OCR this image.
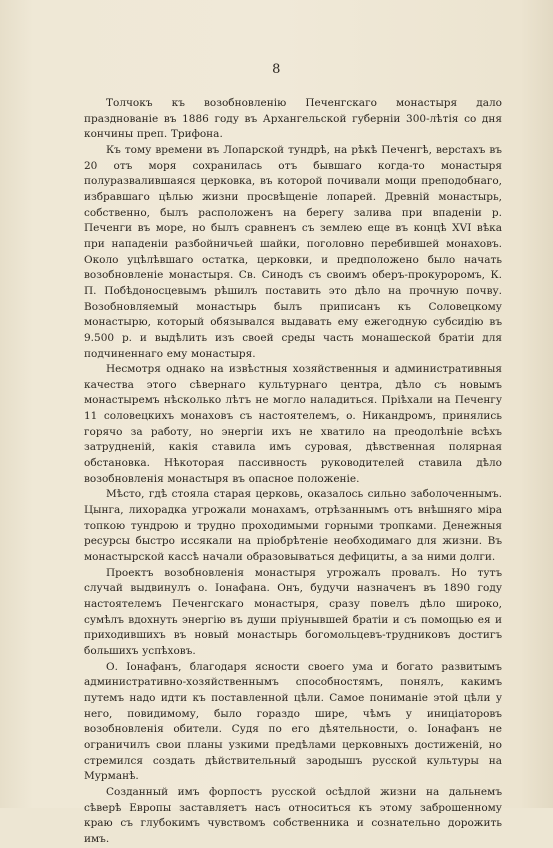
8

Толчокъ къ возобновленію Печенгскаго монастыря дало празднованіе въ 1886 году въ Архангельской губерніи 300-лѣтія со дня кончины преп. Трифона.

Къ тому времени въ Лопарской тундрѣ, на рѣкѣ Печенгѣ, верстахъ въ 20 отъ моря сохранилась отъ бывшаго когда-то монастыря полуразвалившаяся церковка, въ которой почивали мощи преподобнаго, избравшаго цѣлью жизни просвѣщеніе лопарей. Древній монастырь, собственно, былъ расположенъ на берегу залива при впаденіи р. Печенги въ море, но былъ сравненъ съ землею еще въ концѣ XVI вѣка при нападеніи разбойничьей шайки, поголовно перебившей монаховъ. Около уцѣлѣвшаго остатка, церковки, и предположено было начать возобновленіе монастыря. Св. Синодъ съ своимъ оберъ-прокуроромъ, К. П. Побѣдоносцевымъ рѣшилъ поставить это дѣло на прочную почву. Возобновляемый монастырь былъ приписанъ къ Соловецкому монастырю, который обязывался выдавать ему ежегодную субсидію въ 9.500 р. и выдѣлить изъ своей среды часть монашеской братіи для подчиненнаго ему монастыря.

Несмотря однако на извѣстныя хозяйственныя и административныя качества этого сѣвернаго культурнаго центра, дѣло съ новымъ монастыремъ нѣсколько лѣтъ не могло наладиться. Пріѣхали на Печенгу 11 соловецкихъ монаховъ съ настоятелемъ, о. Никандромъ, принялись горячо за работу, но энергіи ихъ не хватило на преодолѣніе всѣхъ затрудненій, какія ставила имъ суровая, дѣвственная полярная обстановка. Нѣкоторая пассивность руководителей ставила дѣло возобновленія монастыря въ опасное положеніе.

Мѣсто, гдѣ стояла старая церковь, оказалось сильно заболоченнымъ. Цынга, лихорадка угрожали монахамъ, отрѣзаннымъ отъ внѣшняго міра топкою тундрою и трудно проходимыми горными тропками. Денежныя ресурсы быстро иссякали на пріобрѣтеніе необходимаго для жизни. Въ монастырской кассѣ начали образовываться дефициты, а за ними долги.

Проектъ возобновленія монастыря угрожалъ провалъ. Но тутъ случай выдвинулъ о. Іонафана. Онъ, будучи назначенъ въ 1890 году настоятелемъ Печенгскаго монастыря, сразу повелъ дѣло широко, сумѣлъ вдохнуть энергію въ души пріунывшей братіи и съ помощью ея и приходившихъ въ новый монастырь богомольцевъ-трудниковъ достигъ большихъ успѣховъ.

О. Іонафанъ, благодаря ясности своего ума и богато развитымъ административно-хозяйственнымъ способностямъ, понялъ, какимъ путемъ надо идти къ поставленной цѣли. Самое пониманіе этой цѣли у него, повидимому, было гораздо шире, чѣмъ у иниціаторовъ возобновленія обители. Судя по его дѣятельности, о. Іонафанъ не ограничилъ свои планы узкими предѣлами церковныхъ достиженій, но стремился создать дѣйствительный зародышъ русской культуры на Мурманѣ.

Созданный имъ форпостъ русской осѣдлой жизни на дальнемъ сѣверѣ Европы заставляетъ насъ относиться къ этому заброшенному краю съ глубокимъ чувствомъ собственника и сознательно дорожить имъ.
